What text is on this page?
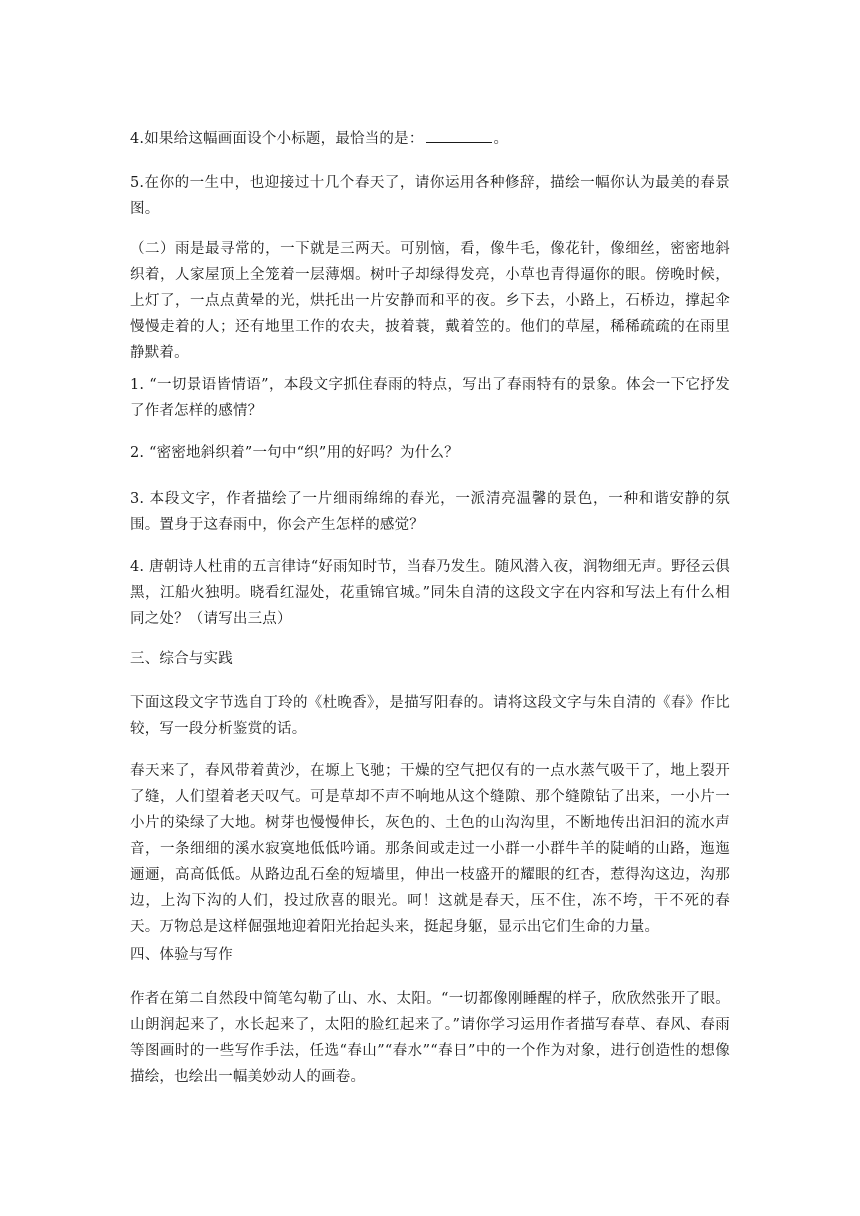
4.如果给这幅画面设个小标题，最恰当的是：	。

5.在你的一生中，也迎接过十几个春天了，请你运用各种修辞，描绘一幅你认为最美的春景图。

（二）雨是最寻常的，一下就是三两天。可别恼，看，像牛毛，像花针，像细丝，密密地斜织着，人家屋顶上全笼着一层薄烟。树叶子却绿得发亮，小草也青得逼你的眼。傍晚时候，上灯了，一点点黄晕的光，烘托出一片安静而和平的夜。乡下去，小路上，石桥边，撑起伞慢慢走着的人；还有地里工作的农夫，披着蓑，戴着笠的。他们的草屋，稀稀疏疏的在雨里静默着。

1. “一切景语皆情语”，本段文字抓住春雨的特点，写出了春雨特有的景象。体会一下它抒发了作者怎样的感情？

2. “密密地斜织着”一句中“织”用的好吗？为什么？

3. 本段文字，作者描绘了一片细雨绵绵的春光，一派清亮温馨的景色，一种和谐安静的氛围。置身于这春雨中，你会产生怎样的感觉？

4. 唐朝诗人杜甫的五言律诗“好雨知时节，当春乃发生。随风潜入夜，润物细无声。野径云俱黑，江船火独明。晓看红湿处，花重锦官城。”同朱自清的这段文字在内容和写法上有什么相同之处？（请写出三点）

三、综合与实践

下面这段文字节选自丁玲的《杜晚香》，是描写阳春的。请将这段文字与朱自清的《春》作比较，写一段分析鉴赏的话。

春天来了，春风带着黄沙，在塬上飞驰；干燥的空气把仅有的一点水蒸气吸干了，地上裂开了缝，人们望着老天叹气。可是草却不声不响地从这个缝隙、那个缝隙钻了出来，一小片一小片的染绿了大地。树芽也慢慢伸长，灰色的、土色的山沟沟里，不断地传出汩汩的流水声音，一条细细的溪水寂寞地低低吟诵。那条间或走过一小群一小群牛羊的陡峭的山路，迤迤逦逦，高高低低。从路边乱石垒的短墙里，伸出一枝盛开的耀眼的红杏，惹得沟这边，沟那边，上沟下沟的人们，投过欣喜的眼光。呵！这就是春天，压不住，冻不垮，干不死的春天。万物总是这样倔强地迎着阳光抬起头来，挺起身躯，显示出它们生命的力量。

四、体验与写作

作者在第二自然段中简笔勾勒了山、水、太阳。“一切都像刚睡醒的样子，欣欣然张开了眼。山朗润起来了，水长起来了，太阳的脸红起来了。”请你学习运用作者描写春草、春风、春雨等图画时的一些写作手法，任选“春山”“春水”“春日”中的一个作为对象，进行创造性的想像描绘，也绘出一幅美妙动人的画卷。
